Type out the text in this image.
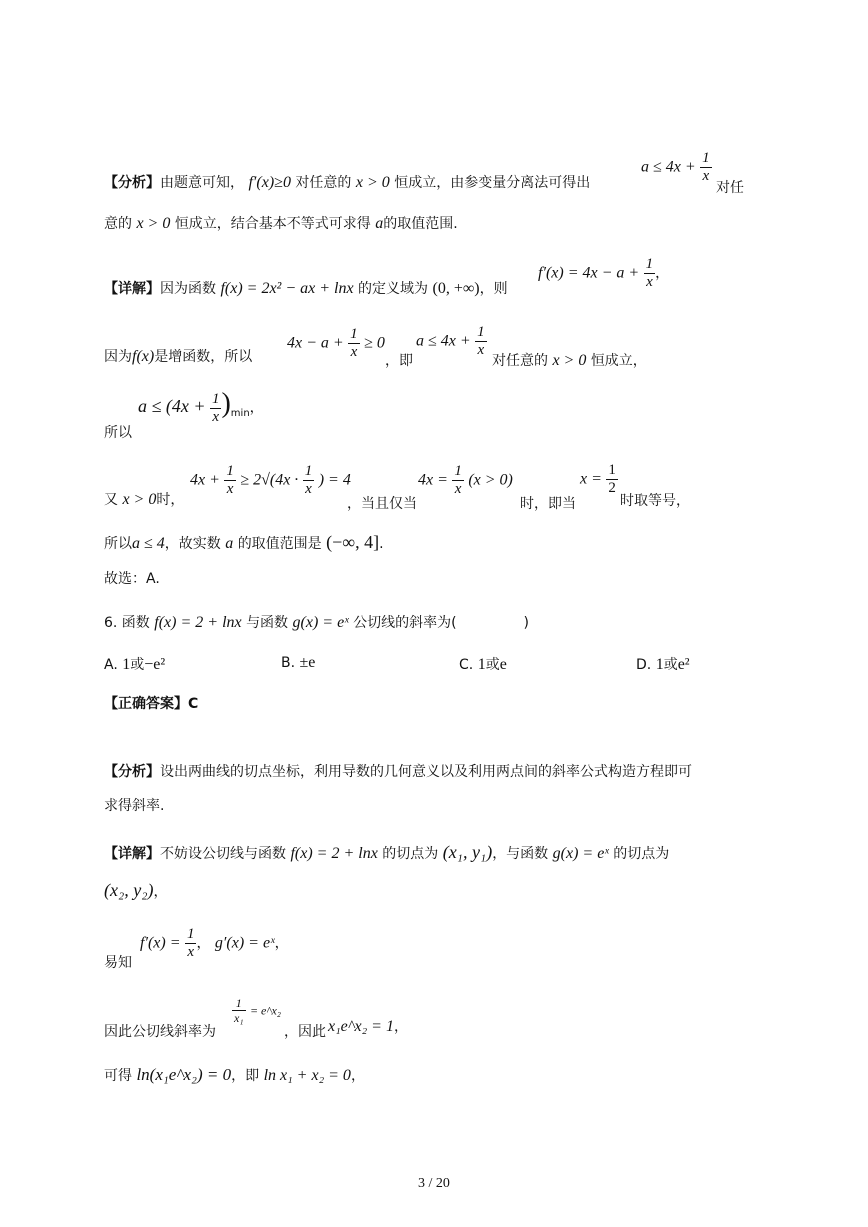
【分析】由题意可知， f′(x)≥0 对任意的 x > 0 恒成立，由参变量分离法可得出
$a \le 4x + \frac{1}{x}$
对任
意的 x > 0 恒成立，结合基本不等式可求得 a的取值范围.
【详解】因为函数 f(x) = 2x² − ax + lnx 的定义域为 (0, +∞)，则
$f'(x) = 4x - a + \frac{1}{x}$ ，
因为f(x)是增函数，所以
$4x - a + \frac{1}{x} \ge 0$
，即
$a \le 4x + \frac{1}{x}$
对任意的 x > 0 恒成立，
$a \le (4x + \frac{1}{x} )_{min}$，
所以
又 x > 0时，
$4x + \frac{1}{x} \ge 2√(4x \cdot \frac{1}{x}$ ) = 4
，当且仅当
$4x = \frac{1}{x} (x > 0)$
时，即当
$x = \frac{1}{2}$
时取等号，
所以a ≤ 4，故实数 a 的取值范围是 (−∞, 4].
故选：A.
6. 函数 f(x) = 2 + lnx 与函数 g(x) = eˣ 公切线的斜率为(	)
A. 1或−e²	B. ±e	C. 1或e	D. 1或e²
【正确答案】C
【分析】设出两曲线的切点坐标，利用导数的几何意义以及利用两点间的斜率公式构造方程即可
求得斜率.
【详解】不妨设公切线与函数 f(x) = 2 + lnx 的切点为 (x₁, y₁)，与函数 g(x) = eˣ 的切点为
(x₂, y₂)，
易知
$f'(x) = \frac{1}{x}$ ， g′(x) = eˣ，
因此公切线斜率为
$\frac{1}{\text{x₁}}$ = e^x₂
，因此 x₁e^x₂ = 1，
可得 ln(x₁e^x₂) = 0，即 ln x₁ + x₂ = 0，
3 / 20
